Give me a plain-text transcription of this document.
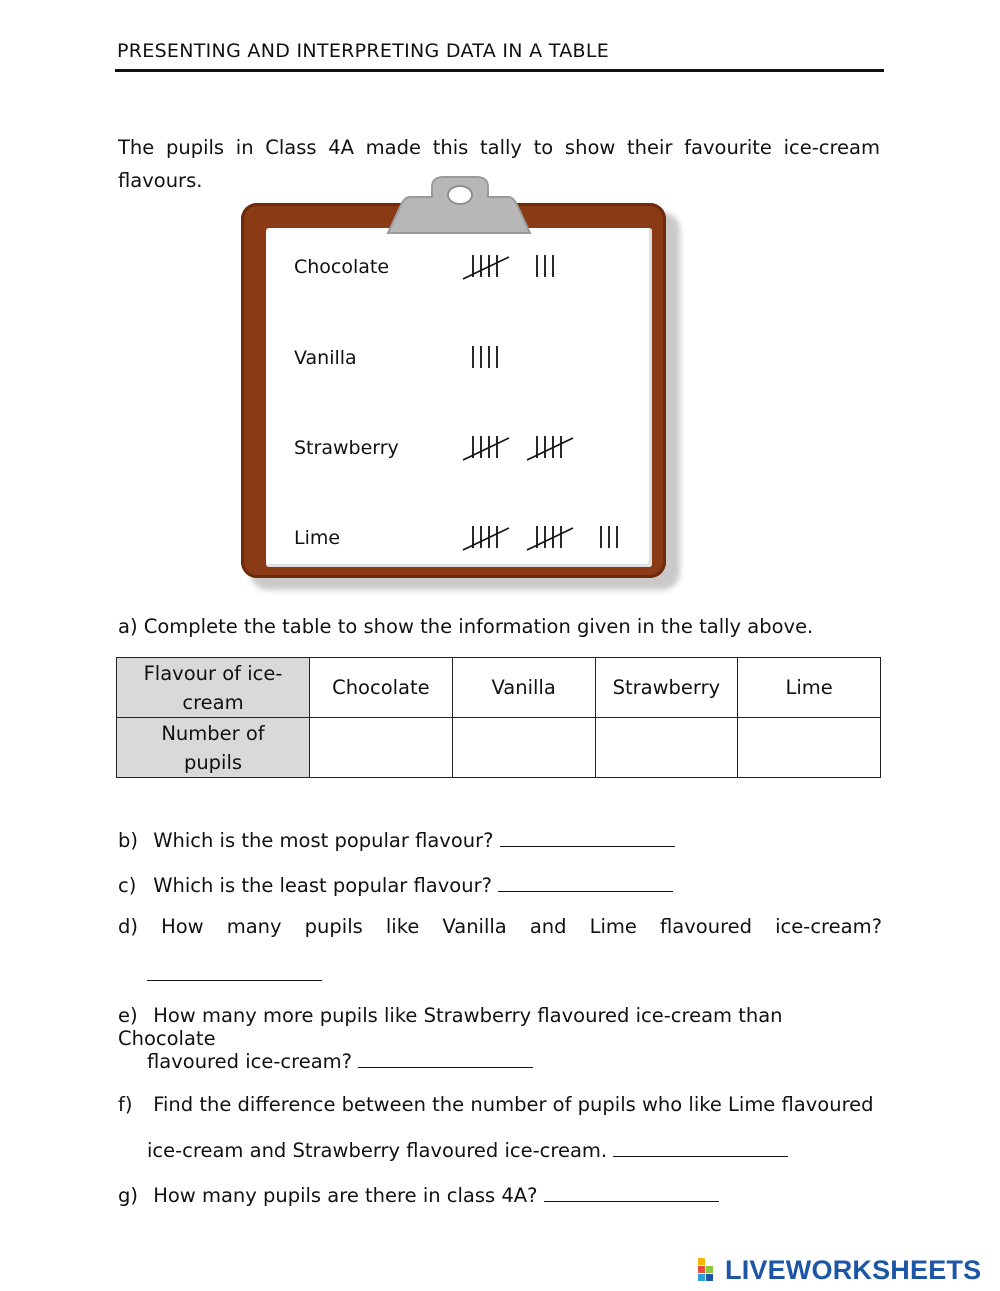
PRESENTING AND INTERPRETING DATA IN A TABLE
The pupils in Class 4A made this tally to show their favourite ice-cream flavours.
Chocolate
Vanilla
Strawberry
Lime
a) Complete the table to show the information given in the tally above.
Flavour of ice-cream	Chocolate	Vanilla	Strawberry	Lime
Number of pupils				
b) Which is the most popular flavour?
c) Which is the least popular flavour?
d) How many pupils like Vanilla and Lime flavoured ice-cream?
e) How many more pupils like Strawberry flavoured ice-cream than Chocolate
flavoured ice-cream?
f) Find the difference between the number of pupils who like Lime flavoured
ice-cream and Strawberry flavoured ice-cream.
g) How many pupils are there in class 4A?
LIVEWORKSHEETS
